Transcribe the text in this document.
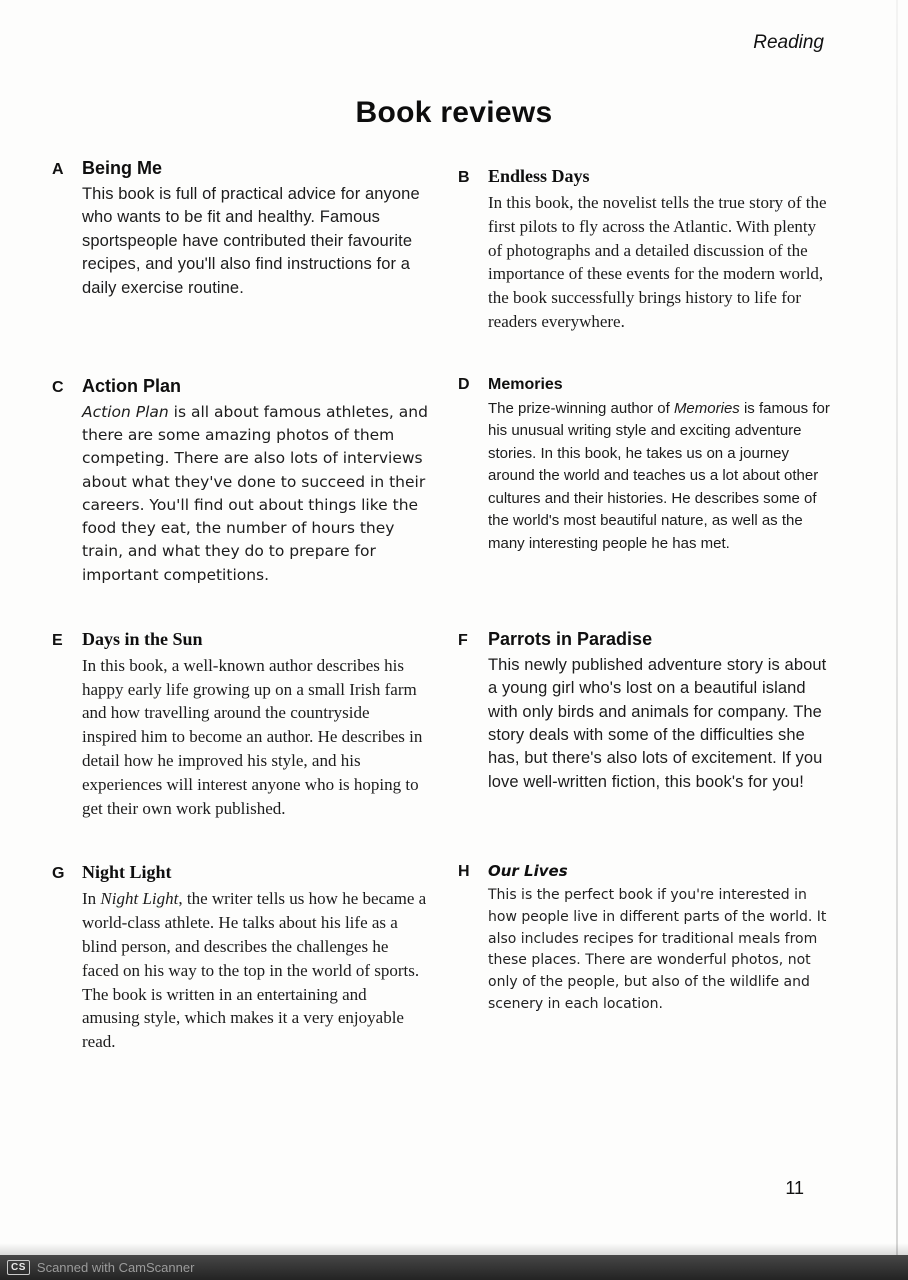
Reading
Book reviews
A	Being Me

This book is full of practical advice for anyone who wants to be fit and healthy. Famous sportspeople have contributed their favourite recipes, and you'll also find instructions for a daily exercise routine.

B	Endless Days

In this book, the novelist tells the true story of the first pilots to fly across the Atlantic. With plenty of photographs and a detailed discussion of the importance of these events for the modern world, the book successfully brings history to life for readers everywhere.

C	Action Plan

Action Plan is all about famous athletes, and there are some amazing photos of them competing. There are also lots of interviews about what they've done to succeed in their careers. You'll find out about things like the food they eat, the number of hours they train, and what they do to prepare for important competitions.

D	Memories

The prize-winning author of Memories is famous for his unusual writing style and exciting adventure stories. In this book, he takes us on a journey around the world and teaches us a lot about other cultures and their histories. He describes some of the world's most beautiful nature, as well as the many interesting people he has met.

E	Days in the Sun

In this book, a well-known author describes his happy early life growing up on a small Irish farm and how travelling around the countryside inspired him to become an author. He describes in detail how he improved his style, and his experiences will interest anyone who is hoping to get their own work published.

F	Parrots in Paradise

This newly published adventure story is about a young girl who's lost on a beautiful island with only birds and animals for company. The story deals with some of the difficulties she has, but there's also lots of excitement. If you love well-written fiction, this book's for you!

G Night Light

In Night Light, the writer tells us how he became a world-class athlete. He talks about his life as a blind person, and describes the challenges he faced on his way to the top in the world of sports. The book is written in an entertaining and amusing style, which makes it a very enjoyable read.

H	Our Lives

This is the perfect book if you're interested in how people live in different parts of the world. It also includes recipes for traditional meals from these places. There are wonderful photos, not only of the people, but also of the wildlife and scenery in each location.

11
CS Scanned with CamScanner
